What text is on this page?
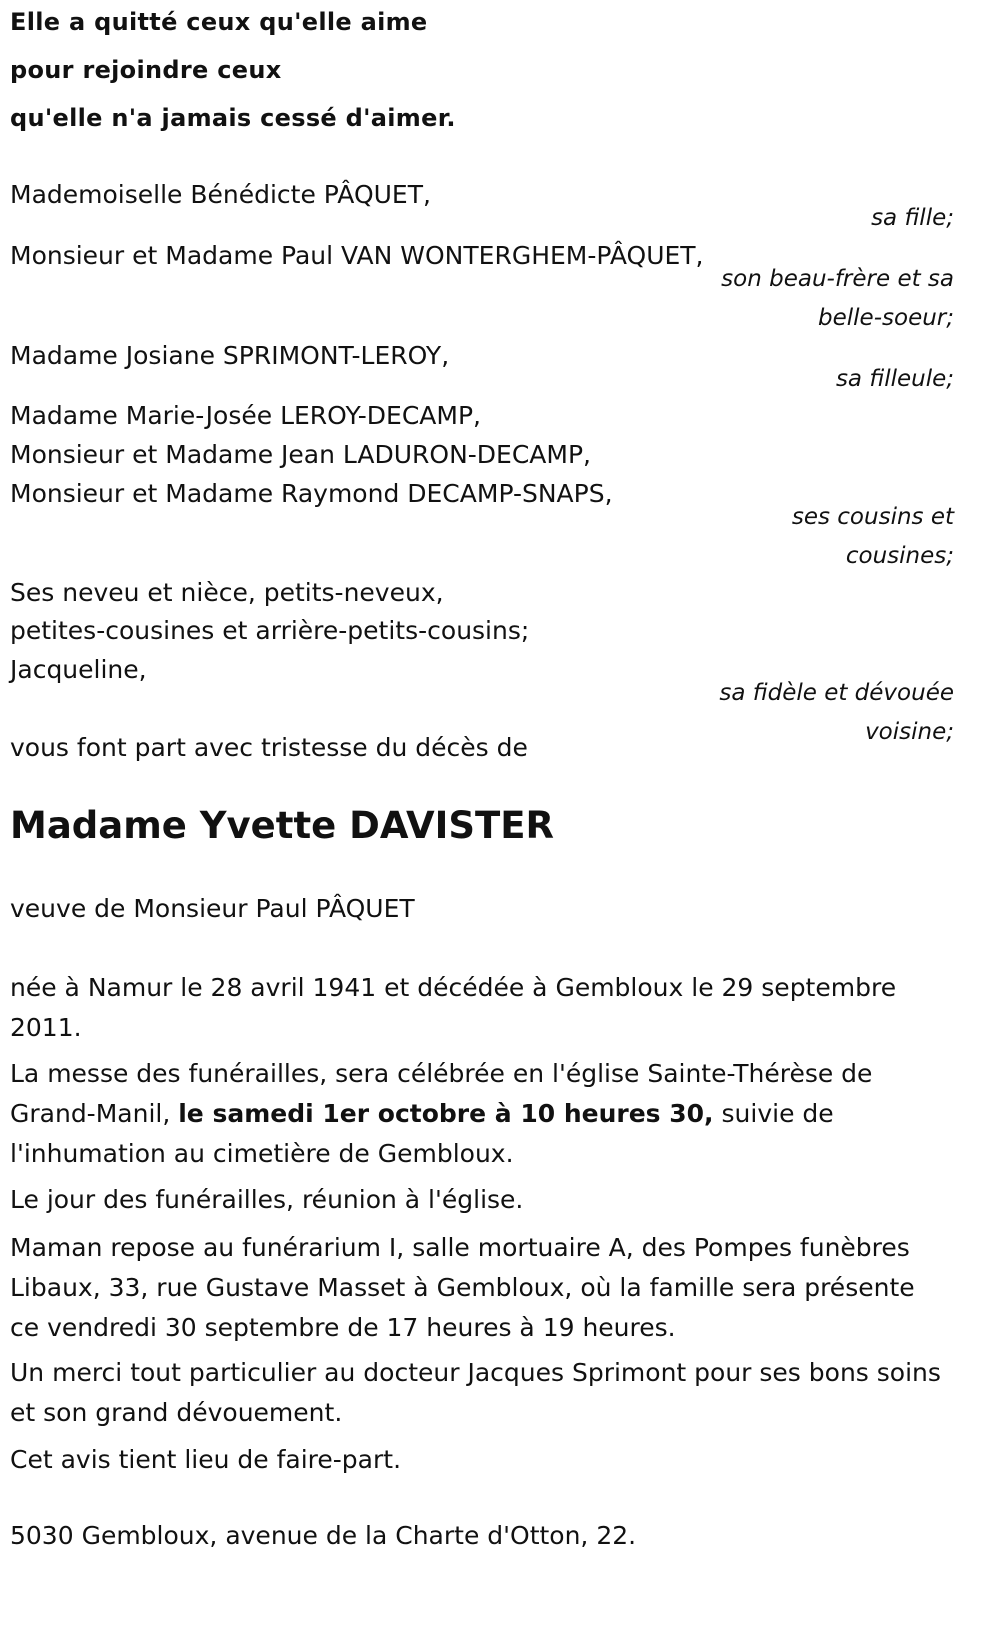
Elle a quitté ceux qu'elle aime
pour rejoindre ceux
qu'elle n'a jamais cessé d'aimer.
Mademoiselle Bénédicte PÂQUET,
sa fille;
Monsieur et Madame Paul VAN WONTERGHEM-PÂQUET,
son beau-frère et sa
belle-soeur;
Madame Josiane SPRIMONT-LEROY,
sa filleule;
Madame Marie-Josée LEROY-DECAMP,
Monsieur et Madame Jean LADURON-DECAMP,
Monsieur et Madame Raymond DECAMP-SNAPS,
ses cousins et
cousines;
Ses neveu et nièce, petits-neveux,
petites-cousines et arrière-petits-cousins;
Jacqueline,
sa fidèle et dévouée
voisine;
vous font part avec tristesse du décès de
Madame Yvette DAVISTER
veuve de Monsieur Paul PÂQUET
née à Namur le 28 avril 1941 et décédée à Gembloux le 29 septembre 2011.
La messe des funérailles, sera célébrée en l'église Sainte-Thérèse de Grand-Manil, le samedi 1er octobre à 10 heures 30, suivie de l'inhumation au cimetière de Gembloux.
Le jour des funérailles, réunion à l'église.
Maman repose au funérarium I, salle mortuaire A, des Pompes funèbres Libaux, 33, rue Gustave Masset à Gembloux, où la famille sera présente ce vendredi 30 septembre de 17 heures à 19 heures.
Un merci tout particulier au docteur Jacques Sprimont pour ses bons soins et son grand dévouement.
Cet avis tient lieu de faire-part.
5030 Gembloux, avenue de la Charte d'Otton, 22.
